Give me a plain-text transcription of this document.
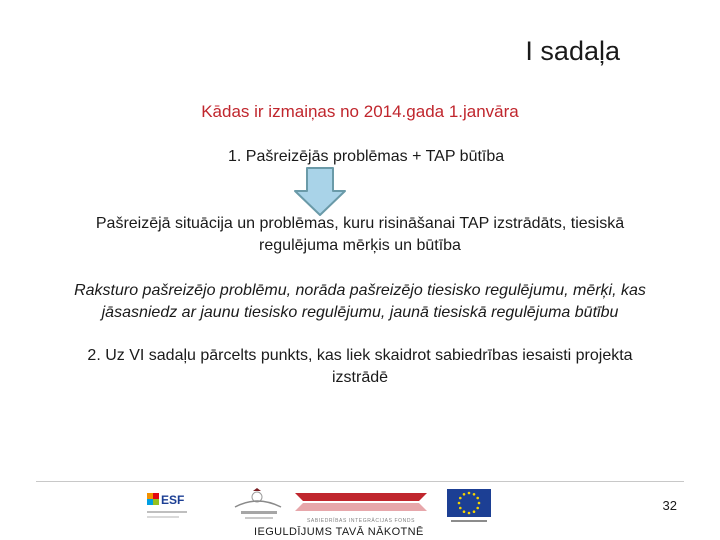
I sadaļa
Kādas ir izmaiņas no 2014.gada 1.janvāra
1. Pašreizējās problēmas + TAP būtība
Pašreizējā situācija un problēmas, kuru risināšanai TAP izstrādāts, tiesiskā
regulējuma mērķis un būtība
Raksturo pašreizējo problēmu, norāda pašreizējo tiesisko regulējumu, mērķi, kas
jāsasniedz ar jaunu tiesisko regulējumu, jaunā tiesiskā regulējuma būtību
2. Uz VI sadaļu pārcelts punkts, kas liek skaidrot sabiedrības iesaisti projekta
izstrādē
ESF
SABIEDRĪBAS INTEGRĀCIJAS FONDS
32
IEGULDĪJUMS TAVĀ NĀKOTNĒ
